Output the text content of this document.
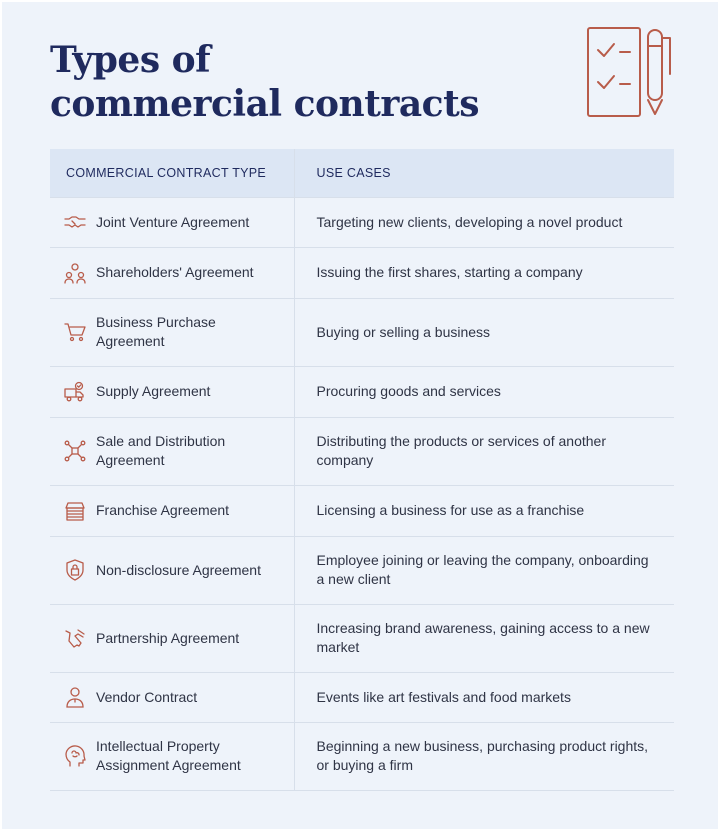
Types of
commercial contracts
COMMERCIAL CONTRACT TYPE	USE CASES

Joint Venture Agreement	Targeting new clients, developing a novel product

Shareholders' Agreement	Issuing the first shares, starting a company

Business Purchase Agreement	Buying or selling a business

Supply Agreement	Procuring goods and services

Sale and Distribution Agreement	Distributing the products or services of another company

Franchise Agreement	Licensing a business for use as a franchise

Non-disclosure Agreement	Employee joining or leaving the company, onboarding a new client

Partnership Agreement	Increasing brand awareness, gaining access to a new market

Vendor Contract	Events like art festivals and food markets

Intellectual Property Assignment Agreement	Beginning a new business, purchasing product rights, or buying a firm
